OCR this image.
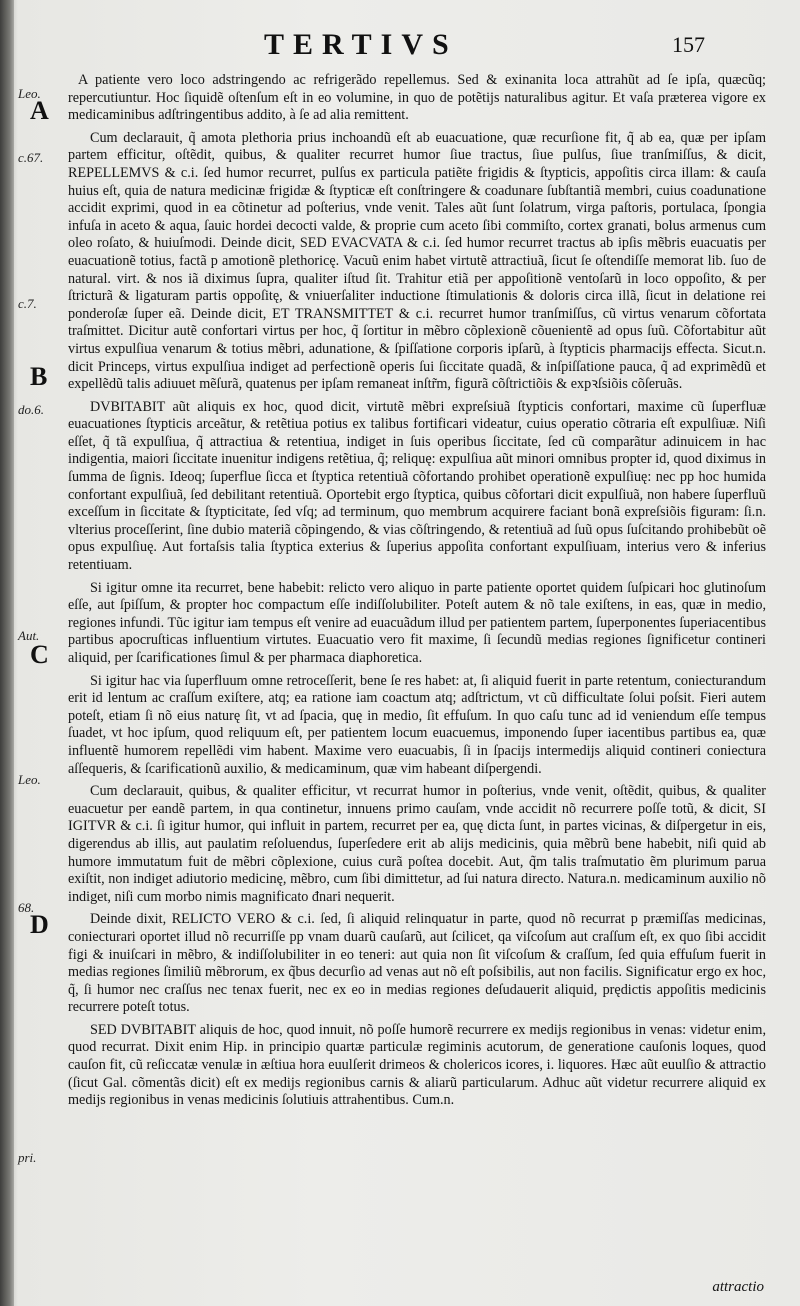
TERTIVS	157
Leo.
A
c.67.
c.7.
B
do.6.
Aut.
C
Leo.
68.
D
pri.

A patiente vero loco adstringendo ac refrigerãdo repellemus. Sed & exinanita loca attrahũt ad ſe ipſa, quæcũq; repercutiuntur. Hoc ſiquidẽ oſtenſum eſt in eo volumine, in quo de potẽtijs naturalibus agitur. Et vaſa præterea vigore ex medicaminibus adſtringentibus addito, à ſe ad alia remittent.

Cum declarauit, q̃ amota plethoria prius inchoandũ eſt ab euacuatione, quæ recurſione fit, q̃ ab ea, quæ per ipſam partem efficitur, oſtẽdit, quibus, & qualiter recurret humor ſiue tractus, ſiue pulſus, ſiue tranſmiſſus, & dicit, REPELLEMVS & c.i. ſed humor recurret, pulſus ex particula patiẽte frigidis & ſtypticis, appoſitis circa illam: & cauſa huius eſt, quia de natura medicinæ frigidæ & ſtypticæ eſt conſtringere & coadunare ſubſtantiã membri, cuius coadunatione accidit exprimi, quod in ea cõtinetur ad poſterius, vnde venit. Tales aũt ſunt ſolatrum, virga paſtoris, portulaca, ſpongia infuſa in aceto & aqua, ſauic hordei decocti valde, & proprie cum aceto ſibi commiſto, cortex granati, bolus armenus cum oleo roſato, & huiuſmodi. Deinde dicit, SED EVACVATA & c.i. ſed humor recurret tractus ab ipſis mẽbris euacuatis per euacuationẽ totius, factã p amotionẽ plethoricę. Vacuũ enim habet virtutẽ attractiuã, ſicut ſe oſtendiſſe memorat lib. ſuo de natural. virt. & nos iã diximus ſupra, qualiter iſtud ſit. Trahitur etiã per appoſitionẽ ventoſarũ in loco oppoſito, & per ſtricturã & ligaturam partis oppoſitę, & vniuerſaliter inductione ſtimulationis & doloris circa illã, ſicut in delatione rei ponderoſæ ſuper eã. Deinde dicit, ET TRANSMITTET & c.i. recurret humor tranſmiſſus, cũ virtus venarum cõfortata traſmittet. Dicitur autẽ confortari virtus per hoc, q̃ ſortitur in mẽbro cõplexionẽ cõuenientẽ ad opus ſuũ. Cõfortabitur aũt virtus expulſiua venarum & totius mẽbri, adunatione, & ſpiſſatione corporis ipſarũ, à ſtypticis pharmacijs effecta. Sicut.n. dicit Princeps, virtus expulſiua indiget ad perfectionẽ operis ſui ſiccitate quadã, & inſpiſſatione pauca, q̃ ad exprimẽdũ et expellẽdũ talis adiuuet mẽſurã, quatenus per ipſam remaneat inſtr̃m, figurã cõſtrictiõis & expꝛſsiõis cõſeruãs.

DVBITABIT aũt aliquis ex hoc, quod dicit, virtutẽ mẽbri expreſsiuã ſtypticis confortari, maxime cũ ſuperfluæ euacuationes ſtypticis arceãtur, & retẽtiua potius ex talibus fortificari videatur, cuius operatio cõtraria eſt expulſiuæ. Niſi eſſet, q̃ tã expulſiua, q̃ attractiua & retentiua, indiget in ſuis operibus ſiccitate, ſed cũ comparãtur adinuicem in hac indigentia, maiori ſiccitate inuenitur indigens retẽtiua, q̃; reliquę: expulſiua aũt minori omnibus propter id, quod diximus in ſumma de ſignis. Ideoq; ſuperflue ſicca et ſtyptica retentiuã cõfortando prohibet operationẽ expulſiuę: nec pp hoc humida confortant expulſiuã, ſed debilitant retentiuã. Oportebit ergo ſtyptica, quibus cõfortari dicit expulſiuã, non habere ſuperfluũ exceſſum in ſiccitate & ſtypticitate, ſed vſq; ad terminum, quo membrum acquirere faciant bonã expreſsiõis figuram: ſi.n. vlterius proceſſerint, ſine dubio materiã cõpingendo, & vias cõſtringendo, & retentiuã ad ſuũ opus ſuſcitando prohibebũt oẽ opus expulſiuę. Aut fortaſsis talia ſtyptica exterius & ſuperius appoſita confortant expulſiuam, interius vero & inferius retentiuam.

Si igitur omne ita recurret, bene habebit: relicto vero aliquo in parte patiente oportet quidem ſuſpicari hoc glutinoſum eſſe, aut ſpiſſum, & propter hoc compactum eſſe indiſſolubiliter. Poteſt autem & nõ tale exiſtens, in eas, quæ in medio, regiones infundi. Tũc igitur iam tempus eſt venire ad euacuãdum illud per patientem partem, ſuperponentes ſuperiacentibus partibus apocruſticas influentium virtutes. Euacuatio vero fit maxime, ſi ſecundũ medias regiones ſignificetur contineri aliquid, per ſcarificationes ſimul & per pharmaca diaphoretica.

Si igitur hac via ſuperfluum omne retroceſſerit, bene ſe res habet: at, ſi aliquid fuerit in parte retentum, coniecturandum erit id lentum ac craſſum exiſtere, atq; ea ratione iam coactum atq; adſtrictum, vt cũ difficultate ſolui poſsit. Fieri autem poteſt, etiam ſi nõ eius naturę ſit, vt ad ſpacia, quę in medio, ſit effuſum. In quo caſu tunc ad id veniendum eſſe tempus ſuadet, vt hoc ipſum, quod reliquum eſt, per patientem locum euacuemus, imponendo ſuper iacentibus partibus ea, quæ influentẽ humorem repellẽdi vim habent. Maxime vero euacuabis, ſi in ſpacijs intermedijs aliquid contineri coniectura aſſequeris, & ſcarificationũ auxilio, & medicaminum, quæ vim habeant diſpergendi.

Cum declarauit, quibus, & qualiter efficitur, vt recurrat humor in poſterius, vnde venit, oſtẽdit, quibus, & qualiter euacuetur per eandẽ partem, in qua continetur, innuens primo cauſam, vnde accidit nõ recurrere poſſe totũ, & dicit, SI IGITVR & c.i. ſi igitur humor, qui influit in partem, recurret per ea, quę dicta ſunt, in partes vicinas, & diſpergetur in eis, digerendus ab illis, aut paulatim reſoluendus, ſuperſedere erit ab alijs medicinis, quia mẽbrũ bene habebit, niſi quid ab humore immutatum fuit de mẽbri cõplexione, cuius curã poſtea docebit. Aut, q̃m talis traſmutatio ẽm plurimum parua exiſtit, non indiget adiutorio medicinę, mẽbro, cum ſibi dimittetur, ad ſui natura directo. Natura.n. medicaminum auxilio nõ indiget, niſi cum morbo nimis magnificato đnari nequerit.

Deinde dixit, RELICTO VERO & c.i. ſed, ſi aliquid relinquatur in parte, quod nõ recurrat p præmiſſas medicinas, coniecturari oportet illud nõ recurriſſe pp vnam duarũ cauſarũ, aut ſcilicet, qa viſcoſum aut craſſum eſt, ex quo ſibi accidit figi & inuiſcari in mẽbro, & indiſſolubiliter in eo teneri: aut quia non ſit viſcoſum & craſſum, ſed quia effuſum fuerit in medias regiones ſimiliũ mẽbrorum, ex q̃bus decurſio ad venas aut nõ eſt poſsibilis, aut non facilis. Significatur ergo ex hoc, q̃, ſi humor nec craſſus nec tenax fuerit, nec ex eo in medias regiones deſudauerit aliquid, prędictis appoſitis medicinis recurrere poteſt totus.

SED DVBITABIT aliquis de hoc, quod innuit, nõ poſſe humorẽ recurrere ex medijs regionibus in venas: videtur enim, quod recurrat. Dixit enim Hip. in principio quartæ particulæ regiminis acutorum, de generatione cauſonis loques, quod cauſon fit, cũ reſiccatæ venulæ in æſtiua hora euulſerit drimeos & cholericos icores, i. liquores. Hæc aũt euulſio & attractio (ſicut Gal. cõmentãs dicit) eſt ex medijs regionibus carnis & aliarũ particularum. Adhuc aũt videtur recurrere aliquid ex medijs regionibus in venas medicinis ſolutiuis attrahentibus. Cum.n.

attractio
